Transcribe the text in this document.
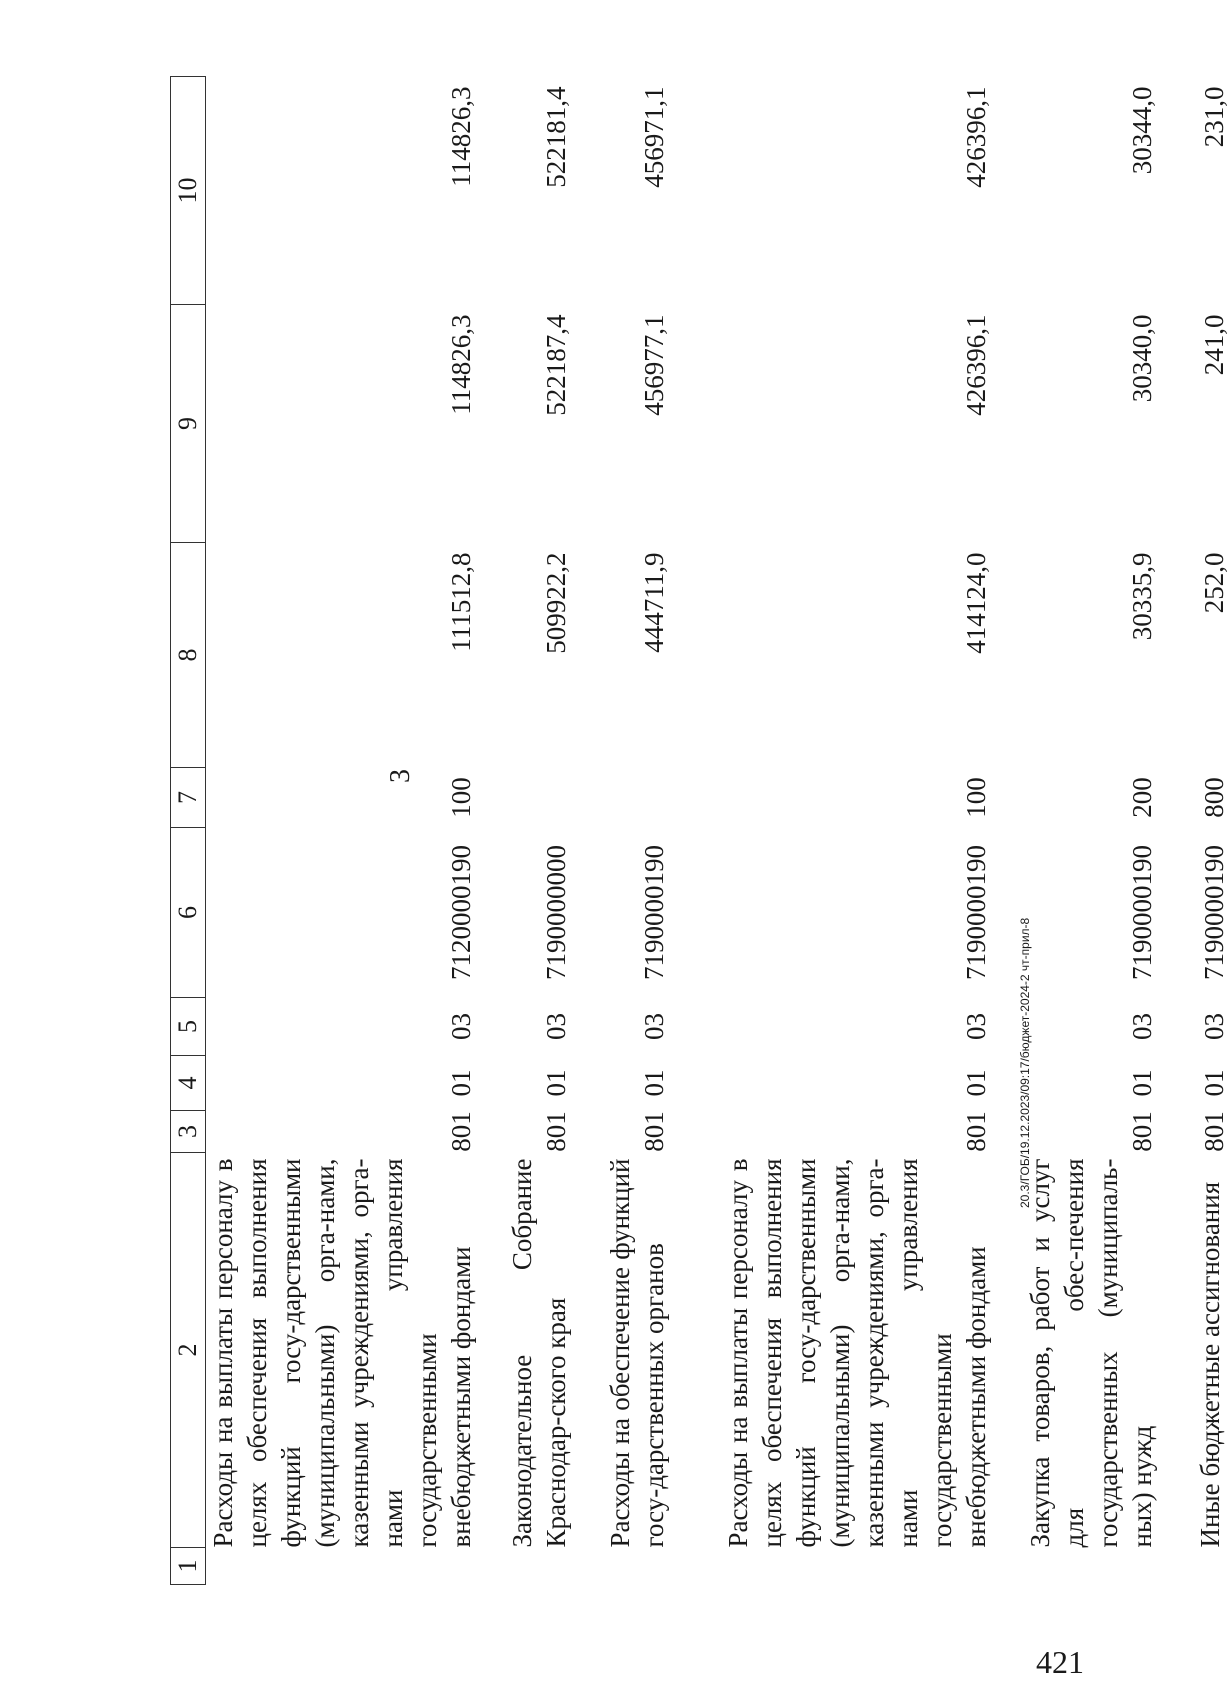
3
1	2	3	4	5	6	7	8	9	10
	Расходы на выплаты персоналу в целях обеспечения выполнения функций госу-дарственными (муниципальными) орга-нами, казенными учреждениями, орга-нами управления государственными внебюджетными фондами	801	01	03	7120000190	100	111512,8	114826,3	114826,3
	Законодательное Собрание Краснодар-ского края	801	01	03	7190000000		509922,2	522187,4	522181,4
	Расходы на обеспечение функций госу-дарственных органов	801	01	03	7190000190		444711,9	456977,1	456971,1
	Расходы на выплаты персоналу в целях обеспечения выполнения функций госу-дарственными (муниципальными) орга-нами, казенными учреждениями, орга-нами управления государственными внебюджетными фондами	801	01	03	7190000190	100	414124,0	426396,1	426396,1
	Закупка товаров, работ и услуг для обес-печения государственных (муниципаль-ных) нужд	801	01	03	7190000190	200	30335,9	30340,0	30344,0
	Иные бюджетные ассигнования	801	01	03	7190000190	800	252,0	241,0	231,0
20.3/ГОБ/19.12.2023/09:17/бюджет-2024-2 чт-прил-8
421
